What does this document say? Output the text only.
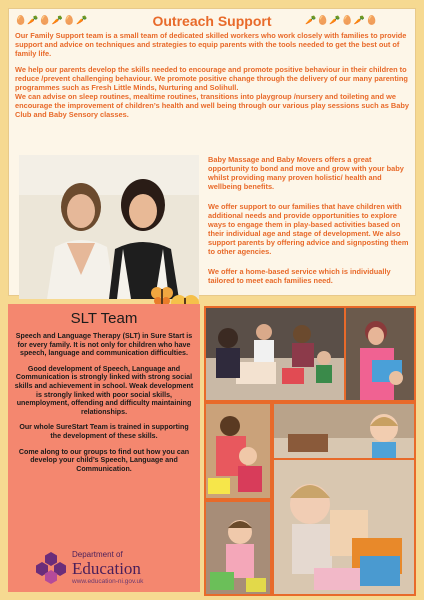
🥚🥕🥚🥕🥚🥕	Outreach Support	🥕🥚🥕🥚🥕🥚

Our Family Support team is a small team of dedicated skilled workers who work closely with families to provide support and advice on techniques and strategies to equip parents with the tools needed to get the best out of family life.

We help our parents develop the skills needed to encourage and promote positive behaviour in their children to reduce /prevent challenging behaviour. We promote positive change through the delivery of our many parenting programmes such as Fresh Little Minds, Nurturing and Solihull.

We can advise on sleep routines, mealtime routines, transitions into playgroup /nursery and toileting and we encourage the improvement of children’s health and well being through our various play sessions such as Baby Club and Baby Sensory classes.

Baby Massage and Baby Movers offers a great opportunity to bond and move and grow with your baby whilst providing many proven holistic/ health and wellbeing benefits.

We offer support to our families that have children with additional needs and provide opportunities to explore ways to engage them in play-based activities based on their individual age and stage of development. We also support parents by offering advice and signposting them to other agencies.

We offer a home-based service which is individually tailored to meet each families need.

SLT Team

Speech and Language Therapy (SLT) in Sure Start is for every family. It is not only for children who have speech, language and communication difficulties.

Good development of Speech, Language and Communication is strongly linked with strong social skills and achievement in school. Weak development is strongly linked with poor social skills, unemployment, offending and difficulty maintaining relationships.

Our whole SureStart Team is trained in supporting the development of these skills.

Come along to our groups to find out how you can develop your child’s Speech, Language and Communication.

Department of
Education
www.education-ni.gov.uk
